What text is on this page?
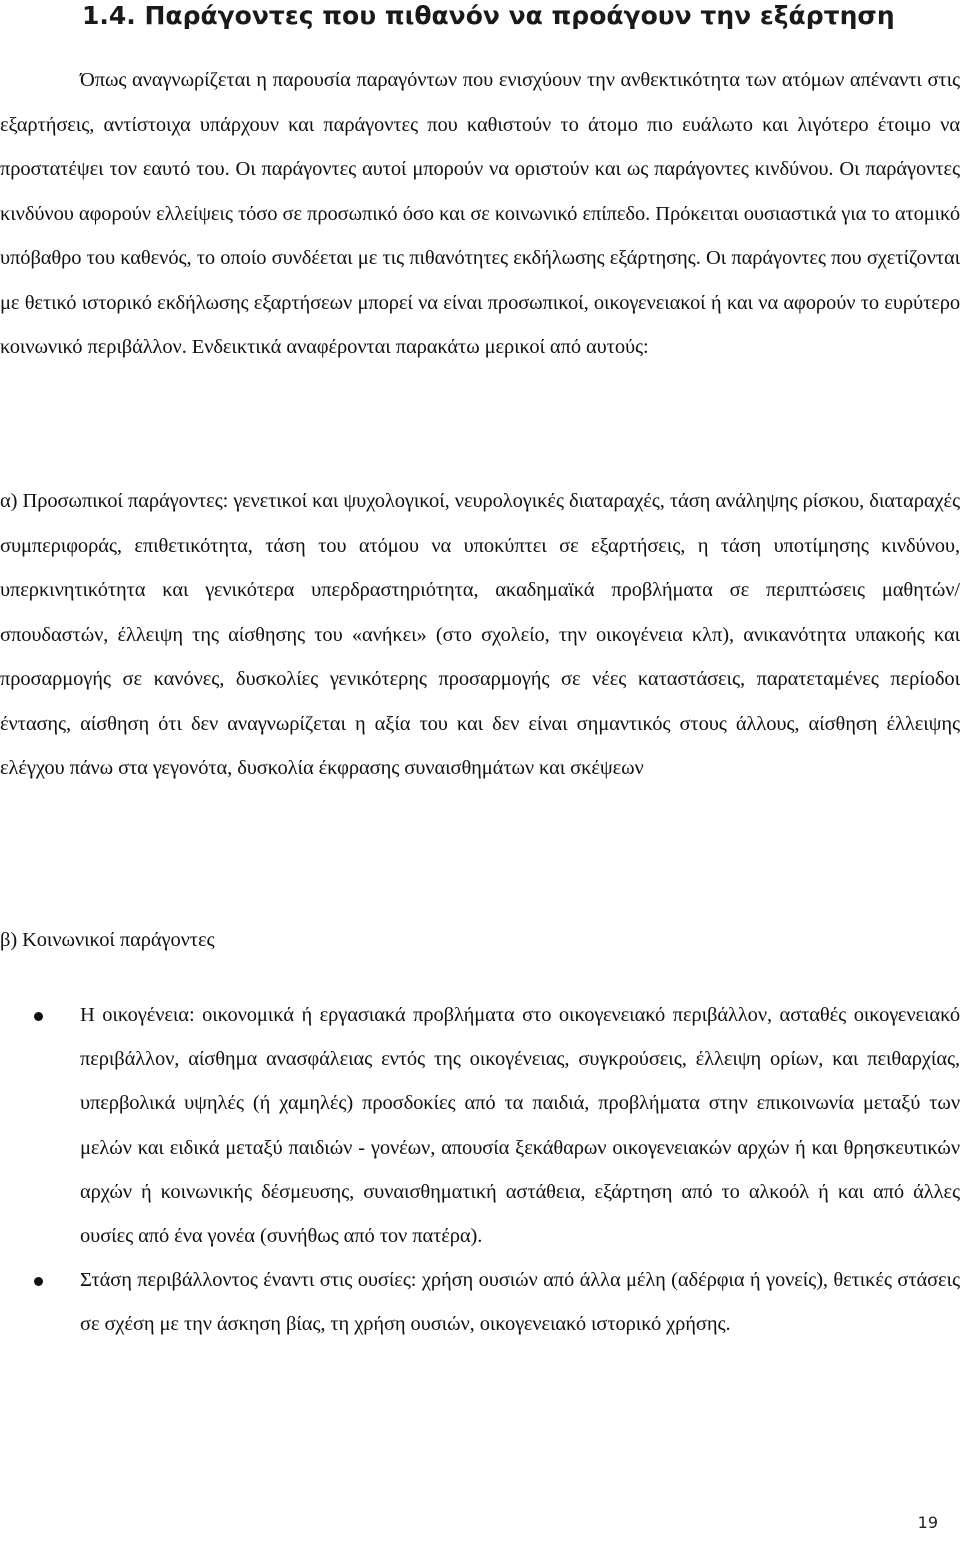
1.4. Παράγοντες που πιθανόν να προάγουν την εξάρτηση

Όπως αναγνωρίζεται η παρουσία παραγόντων που ενισχύουν την ανθεκτικότητα των ατόμων απέναντι στις εξαρτήσεις, αντίστοιχα υπάρχουν και παράγοντες που καθιστούν το άτομο πιο ευάλωτο και λιγότερο έτοιμο να προστατέψει τον εαυτό του. Οι παράγοντες αυτοί μπορούν να οριστούν και ως παράγοντες κινδύνου. Οι παράγοντες κινδύνου αφορούν ελλείψεις τόσο σε προσωπικό όσο και σε κοινωνικό επίπεδο. Πρόκειται ουσιαστικά για το ατομικό υπόβαθρο του καθενός, το οποίο συνδέεται με τις πιθανότητες εκδήλωσης εξάρτησης. Οι παράγοντες που σχετίζονται με θετικό ιστορικό εκδήλωσης εξαρτήσεων μπορεί να είναι προσωπικοί, οικογενειακοί ή και να αφορούν το ευρύτερο κοινωνικό περιβάλλον. Ενδεικτικά αναφέρονται παρακάτω μερικοί από αυτούς:

α) Προσωπικοί παράγοντες: γενετικοί και ψυχολογικοί, νευρολογικές διαταραχές, τάση ανάληψης ρίσκου, διαταραχές συμπεριφοράς, επιθετικότητα, τάση του ατόμου να υποκύπτει σε εξαρτήσεις, η τάση υποτίμησης κινδύνου, υπερκινητικότητα και γενικότερα υπερδραστηριότητα, ακαδημαϊκά προβλήματα σε περιπτώσεις μαθητών/σπουδαστών, έλλειψη της αίσθησης του «ανήκει» (στο σχολείο, την οικογένεια κλπ), ανικανότητα υπακοής και προσαρμογής σε κανόνες, δυσκολίες γενικότερης προσαρμογής σε νέες καταστάσεις, παρατεταμένες περίοδοι έντασης, αίσθηση ότι δεν αναγνωρίζεται η αξία του και δεν είναι σημαντικός στους άλλους, αίσθηση έλλειψης ελέγχου πάνω στα γεγονότα, δυσκολία έκφρασης συναισθημάτων και σκέψεων

β) Κοινωνικοί παράγοντες

Η οικογένεια: οικονομικά ή εργασιακά προβλήματα στο οικογενειακό περιβάλλον, ασταθές οικογενειακό περιβάλλον, αίσθημα ανασφάλειας εντός της οικογένειας, συγκρούσεις, έλλειψη ορίων, και πειθαρχίας, υπερβολικά υψηλές (ή χαμηλές) προσδοκίες από τα παιδιά, προβλήματα στην επικοινωνία μεταξύ των μελών και ειδικά μεταξύ παιδιών - γονέων, απουσία ξεκάθαρων οικογενειακών αρχών ή και θρησκευτικών αρχών ή κοινωνικής δέσμευσης, συναισθηματική αστάθεια, εξάρτηση από το αλκοόλ ή και από άλλες ουσίες από ένα γονέα (συνήθως από τον πατέρα).
Στάση περιβάλλοντος έναντι στις ουσίες: χρήση ουσιών από άλλα μέλη (αδέρφια ή γονείς), θετικές στάσεις σε σχέση με την άσκηση βίας, τη χρήση ουσιών, οικογενειακό ιστορικό χρήσης.
19
